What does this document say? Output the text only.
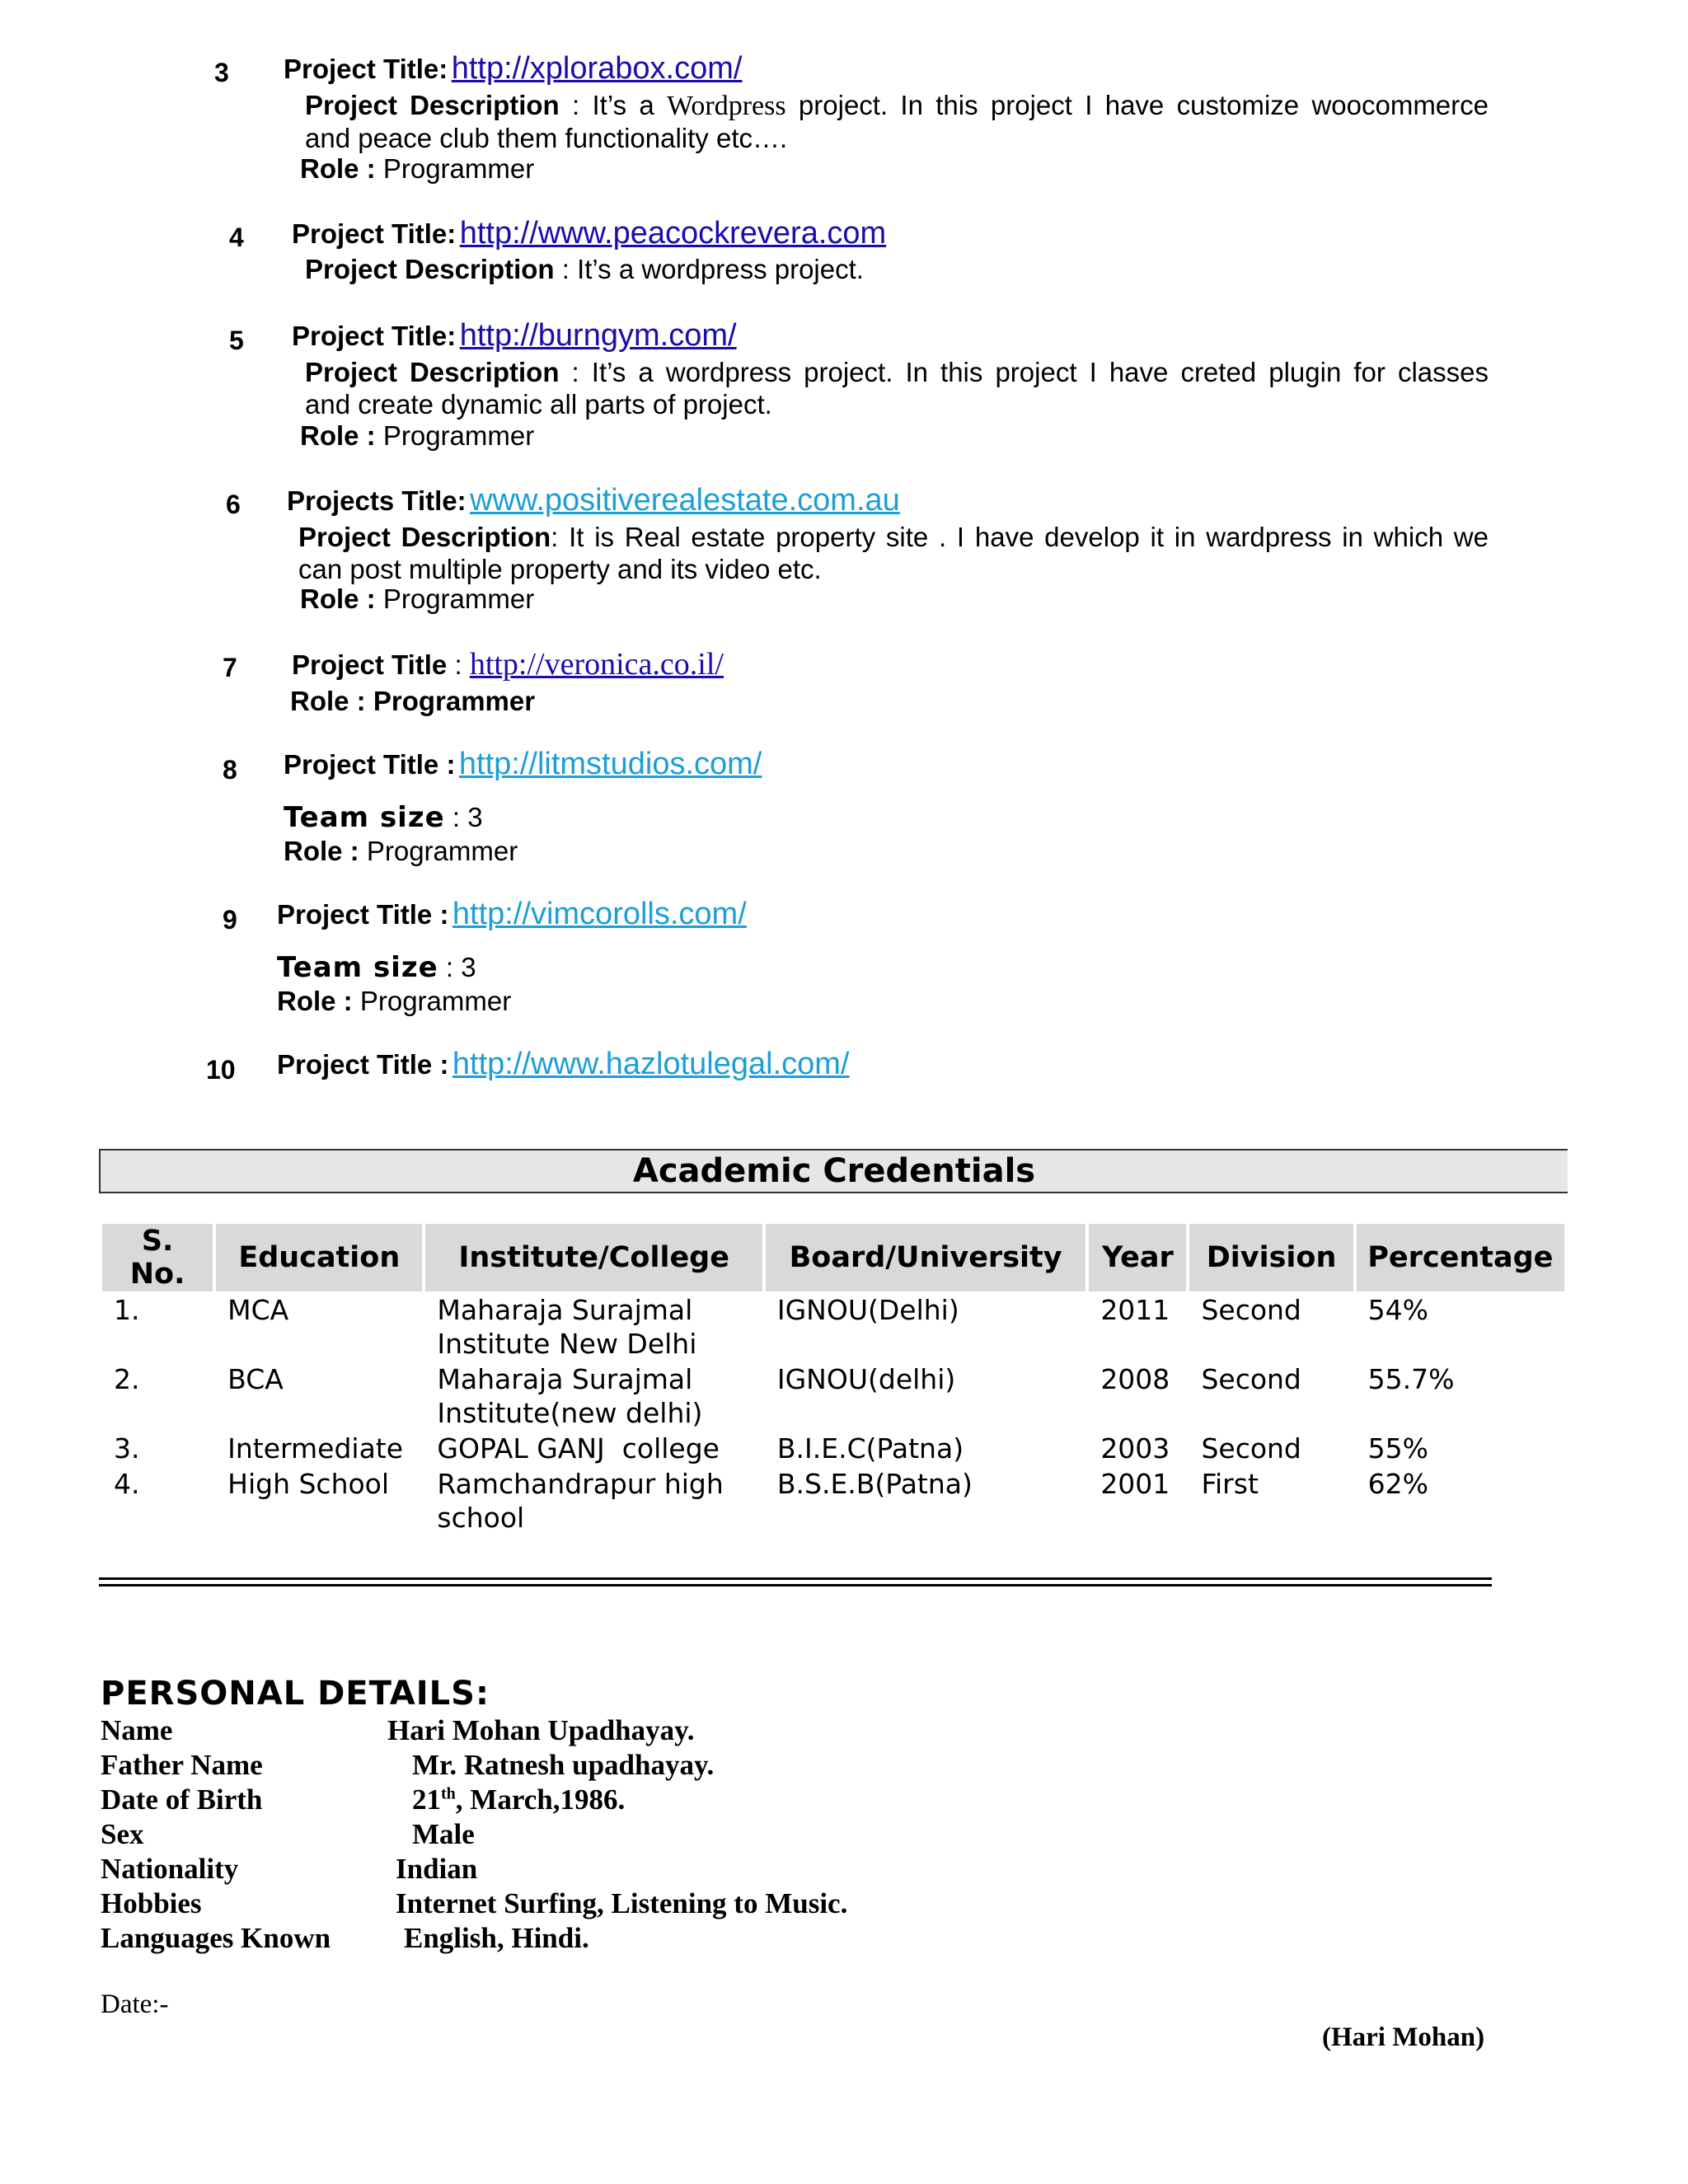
3 Project Title: http://xplorabox.com/
Project Description : It’s a Wordpress project. In this project I have customize woocommerce
and peace club them functionality etc….
Role : Programmer
4 Project Title: http://www.peacockrevera.com
Project Description : It’s a wordpress project.
5 Project Title: http://burngym.com/
Project Description : It’s a wordpress project. In this project I have creted plugin for classes
and create dynamic all parts of project.
Role : Programmer
6 Projects Title: www.positiverealestate.com.au
Project Description: It is Real estate property site . I have develop it in wardpress in which we
can post multiple property and its video etc.
Role : Programmer
7 Project Title : http://veronica.co.il/
Role : Programmer
8 Project Title : http://litmstudios.com/
Team size : 3
Role : Programmer
9 Project Title : http://vimcorolls.com/
Team size : 3
Role : Programmer
10 Project Title : http://www.hazlotulegal.com/
Academic Credentials
S. No.	Education	Institute/College	Board/University	Year	Division	Percentage
1.	MCA	Maharaja Surajmal Institute New Delhi	IGNOU(Delhi)	2011	Second	54%
2.	BCA	Maharaja Surajmal Institute(new delhi)	IGNOU(delhi)	2008	Second	55.7%
3.	Intermediate	GOPAL GANJ  college	B.I.E.C(Patna)	2003	Second	55%
4.	High School	Ramchandrapur high school	B.S.E.B(Patna)	2001	First	62%
PERSONAL DETAILS:
Name	Hari Mohan Upadhayay.
Father Name	Mr. Ratnesh upadhayay.
Date of Birth	21th, March,1986.
Sex	Male
Nationality	Indian
Hobbies	Internet Surfing, Listening to Music.
Languages Known	English, Hindi.
Date:-
(Hari Mohan)
